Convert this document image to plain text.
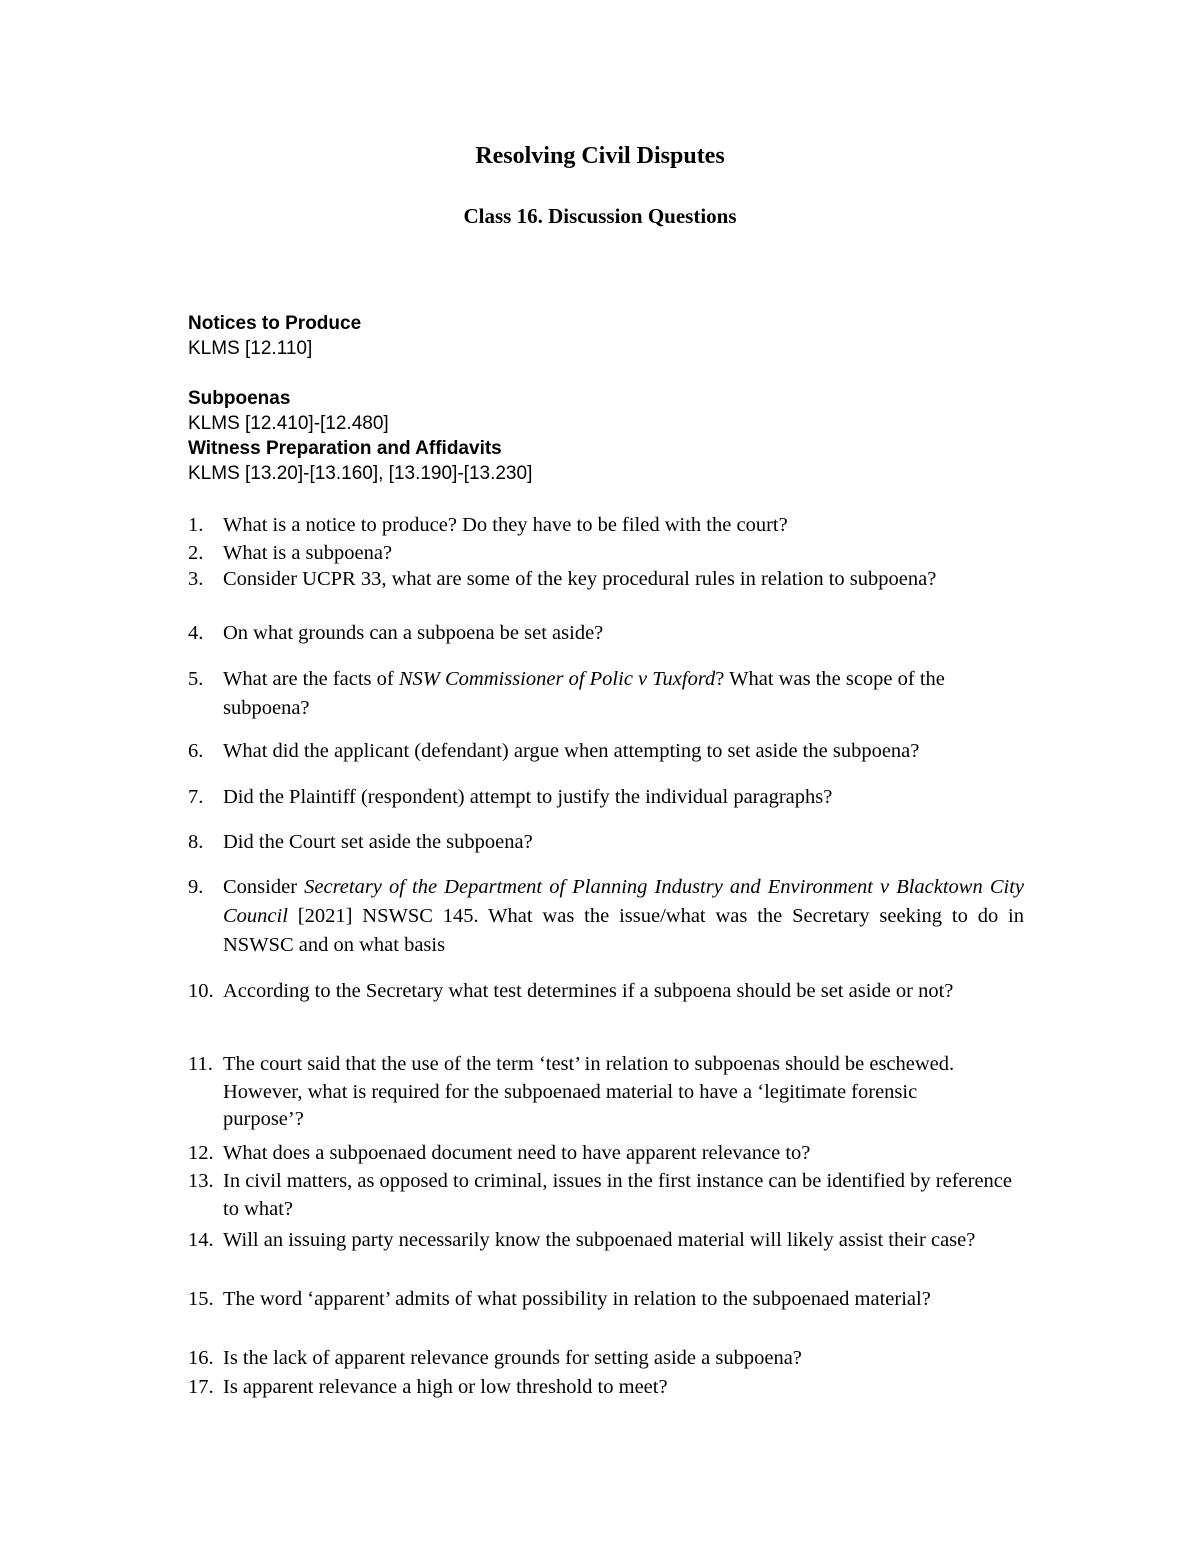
Resolving Civil Disputes
Class 16. Discussion Questions
Notices to Produce
KLMS [12.110]
Subpoenas
KLMS [12.410]-[12.480]
Witness Preparation and Affidavits
KLMS [13.20]-[13.160], [13.190]-[13.230]
1. What is a notice to produce? Do they have to be filed with the court?
2. What is a subpoena?
3. Consider UCPR 33, what are some of the key procedural rules in relation to subpoena?
4. On what grounds can a subpoena be set aside?
5. What are the facts of NSW Commissioner of Polic v Tuxford? What was the scope of the subpoena?
6. What did the applicant (defendant) argue when attempting to set aside the subpoena?
7. Did the Plaintiff (respondent) attempt to justify the individual paragraphs?
8. Did the Court set aside the subpoena?
9. Consider Secretary of the Department of Planning Industry and Environment v Blacktown City Council [2021] NSWSC 145. What was the issue/what was the Secretary seeking to do in NSWSC and on what basis
10. According to the Secretary what test determines if a subpoena should be set aside or not?
11. The court said that the use of the term ‘test’ in relation to subpoenas should be eschewed. However, what is required for the subpoenaed material to have a ‘legitimate forensic purpose’?
12. What does a subpoenaed document need to have apparent relevance to?
13. In civil matters, as opposed to criminal, issues in the first instance can be identified by reference to what?
14. Will an issuing party necessarily know the subpoenaed material will likely assist their case?
15. The word ‘apparent’ admits of what possibility in relation to the subpoenaed material?
16. Is the lack of apparent relevance grounds for setting aside a subpoena?
17. Is apparent relevance a high or low threshold to meet?
